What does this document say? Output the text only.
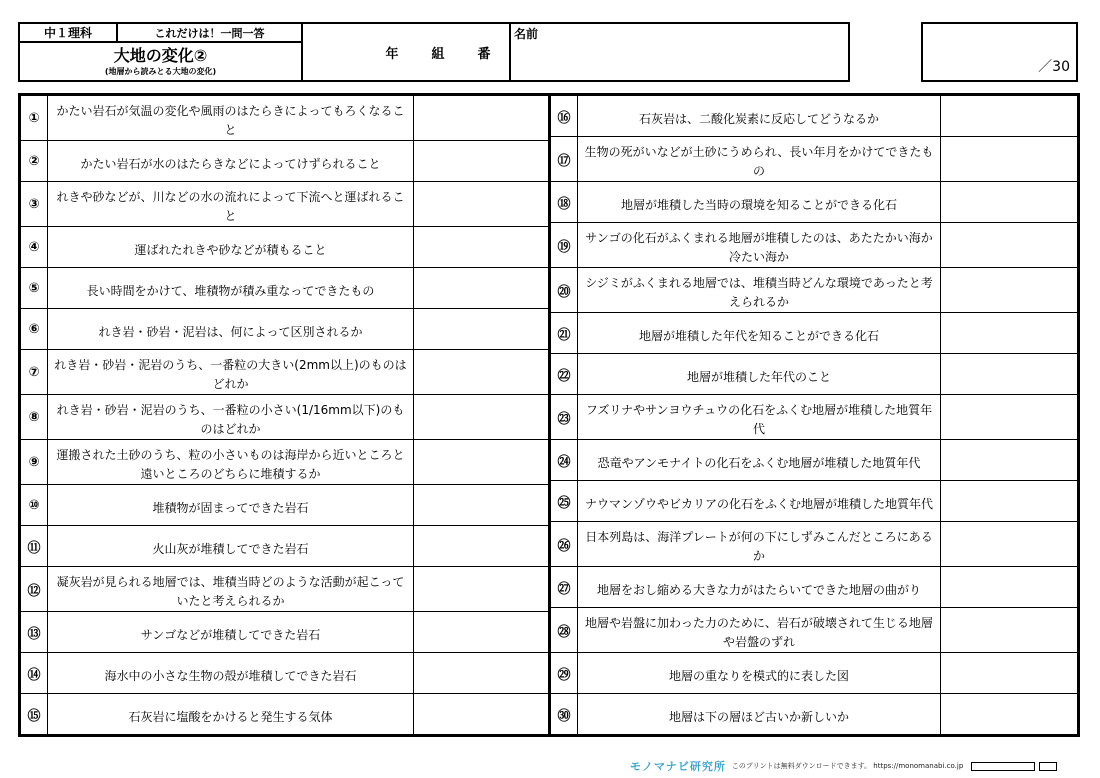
中１理科	これだけは！一問一答
大地の変化②
(地層から読みとる大地の変化)
年	組	番
名前
／30
①	かたい岩石が気温の変化や風雨のはたらきによってもろくなること
②	かたい岩石が水のはたらきなどによってけずられること
③	れきや砂などが、川などの水の流れによって下流へと運ばれること
④	運ばれたれきや砂などが積もること
⑤	長い時間をかけて、堆積物が積み重なってできたもの
⑥	れき岩・砂岩・泥岩は、何によって区別されるか
⑦	れき岩・砂岩・泥岩のうち、一番粒の大きい(2mm以上)のものはどれか
⑧	れき岩・砂岩・泥岩のうち、一番粒の小さい(1/16mm以下)のものはどれか
⑨	運搬された土砂のうち、粒の小さいものは海岸から近いところと遠いところのどちらに堆積するか
⑩	堆積物が固まってできた岩石
⑪	火山灰が堆積してできた岩石
⑫
凝灰岩が見られる地層では、堆積当時どのような活動が起こっていたと考えられるか
⑬	サンゴなどが堆積してできた岩石
⑭	海水中の小さな生物の殻が堆積してできた岩石
⑮	石灰岩に塩酸をかけると発生する気体
⑯	石灰岩は、二酸化炭素に反応してどうなるか
⑰
生物の死がいなどが土砂にうめられ、長い年月をかけてできたもの
⑱	地層が堆積した当時の環境を知ることができる化石
⑲
サンゴの化石がふくまれる地層が堆積したのは、あたたかい海か冷たい海か
⑳
シジミがふくまれる地層では、堆積当時どんな環境であったと考えられるか
㉑	地層が堆積した年代を知ることができる化石
㉒	地層が堆積した年代のこと
㉓
フズリナやサンヨウチュウの化石をふくむ地層が堆積した地質年代
㉔	恐竜やアンモナイトの化石をふくむ地層が堆積した地質年代
㉕	ナウマンゾウやビカリアの化石をふくむ地層が堆積した地質年代
㉖
日本列島は、海洋プレートが何の下にしずみこんだところにあるか
㉗	地層をおし縮める大きな力がはたらいてできた地層の曲がり
㉘
地層や岩盤に加わった力のために、岩石が破壊されて生じる地層や岩盤のずれ
㉙	地層の重なりを模式的に表した図
㉚	地層は下の層ほど古いか新しいか
モノマナビ研究所 このプリントは無料ダウンロードできます。 https://monomanabi.co.jp
